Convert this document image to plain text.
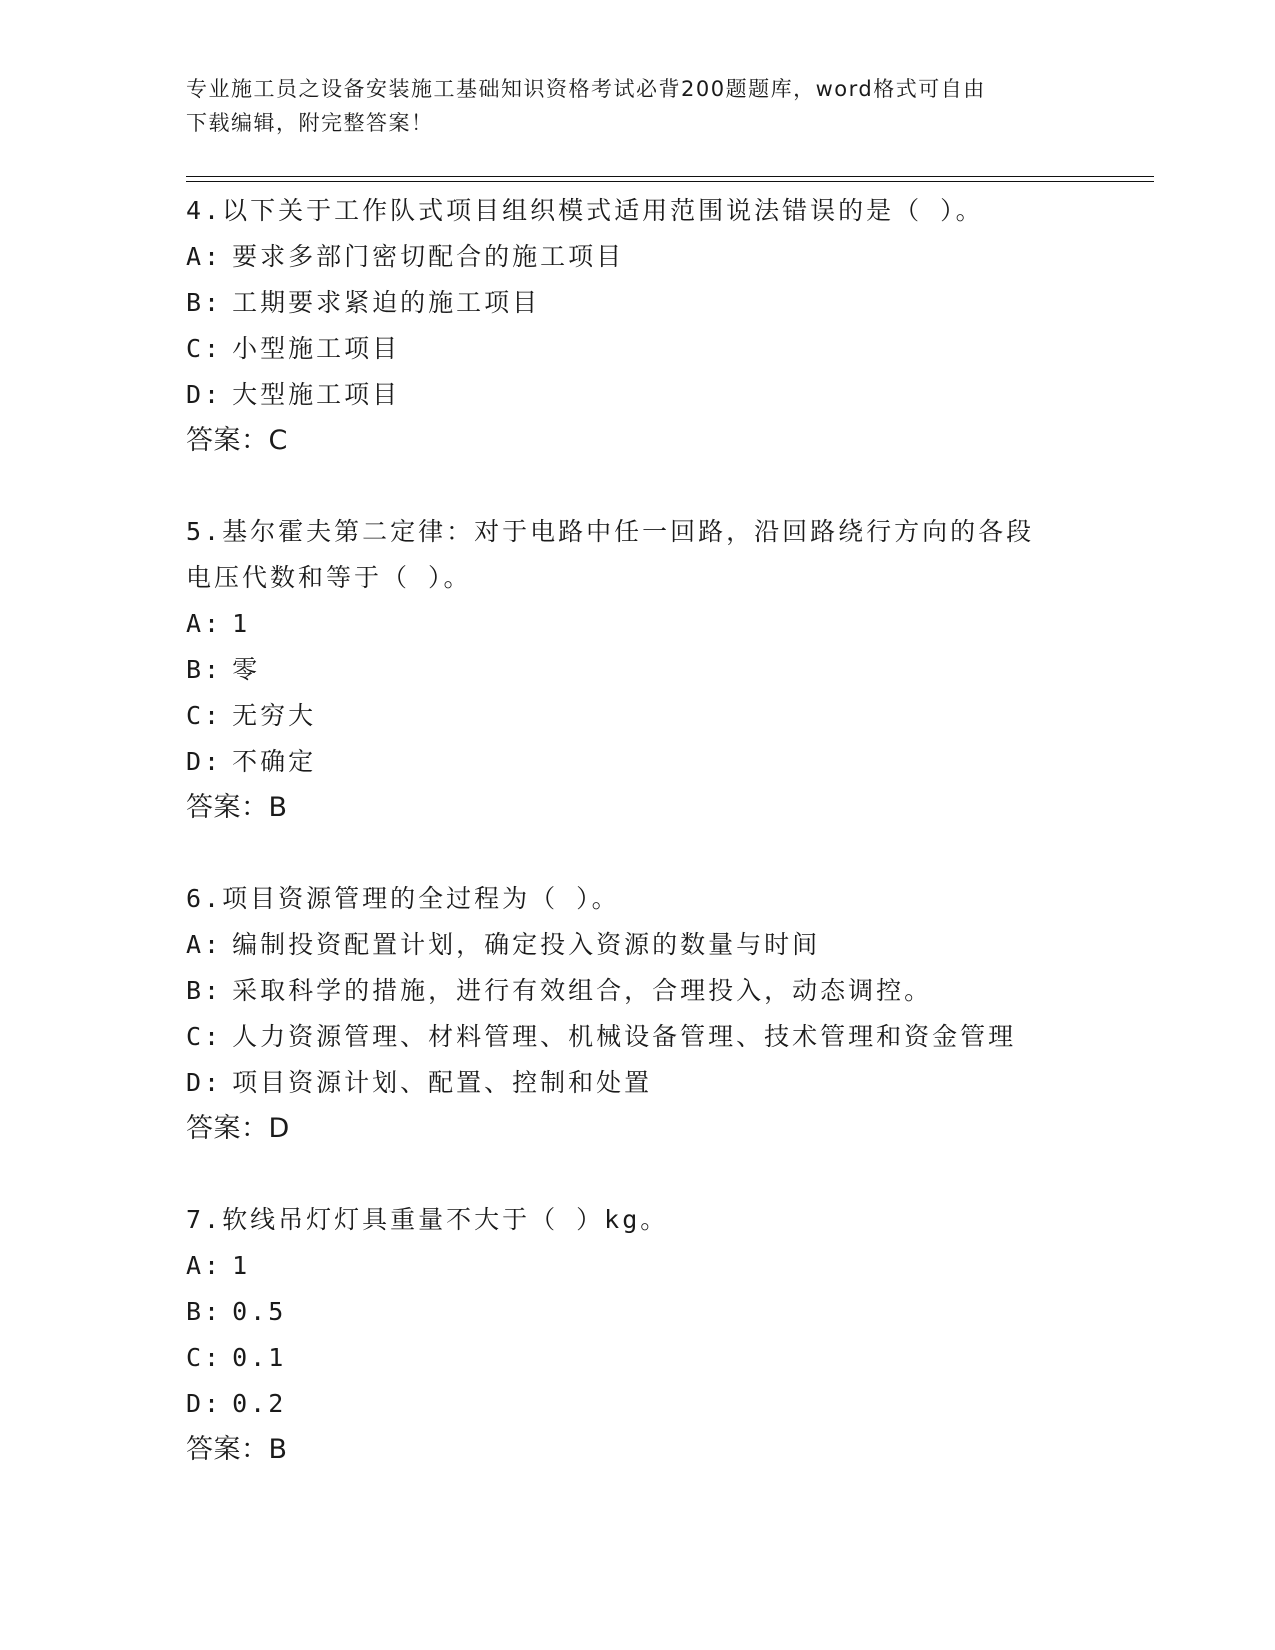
专业施工员之设备安装施工基础知识资格考试必背200题题库，word格式可自由
下载编辑，附完整答案！

4.以下关于工作队式项目组织模式适用范围说法错误的是（ ）。

A: 要求多部门密切配合的施工项目

B: 工期要求紧迫的施工项目

C: 小型施工项目

D: 大型施工项目

答案：C

5.基尔霍夫第二定律：对于电路中任一回路，沿回路绕行方向的各段

电压代数和等于（ ）。

A: 1

B: 零

C: 无穷大

D: 不确定

答案：B

6.项目资源管理的全过程为（ ）。

A: 编制投资配置计划，确定投入资源的数量与时间

B: 采取科学的措施，进行有效组合，合理投入，动态调控。

C: 人力资源管理、材料管理、机械设备管理、技术管理和资金管理

D: 项目资源计划、配置、控制和处置

答案：D

7.软线吊灯灯具重量不大于（ ）kg。

A: 1

B: 0.5

C: 0.1

D: 0.2

答案：B
